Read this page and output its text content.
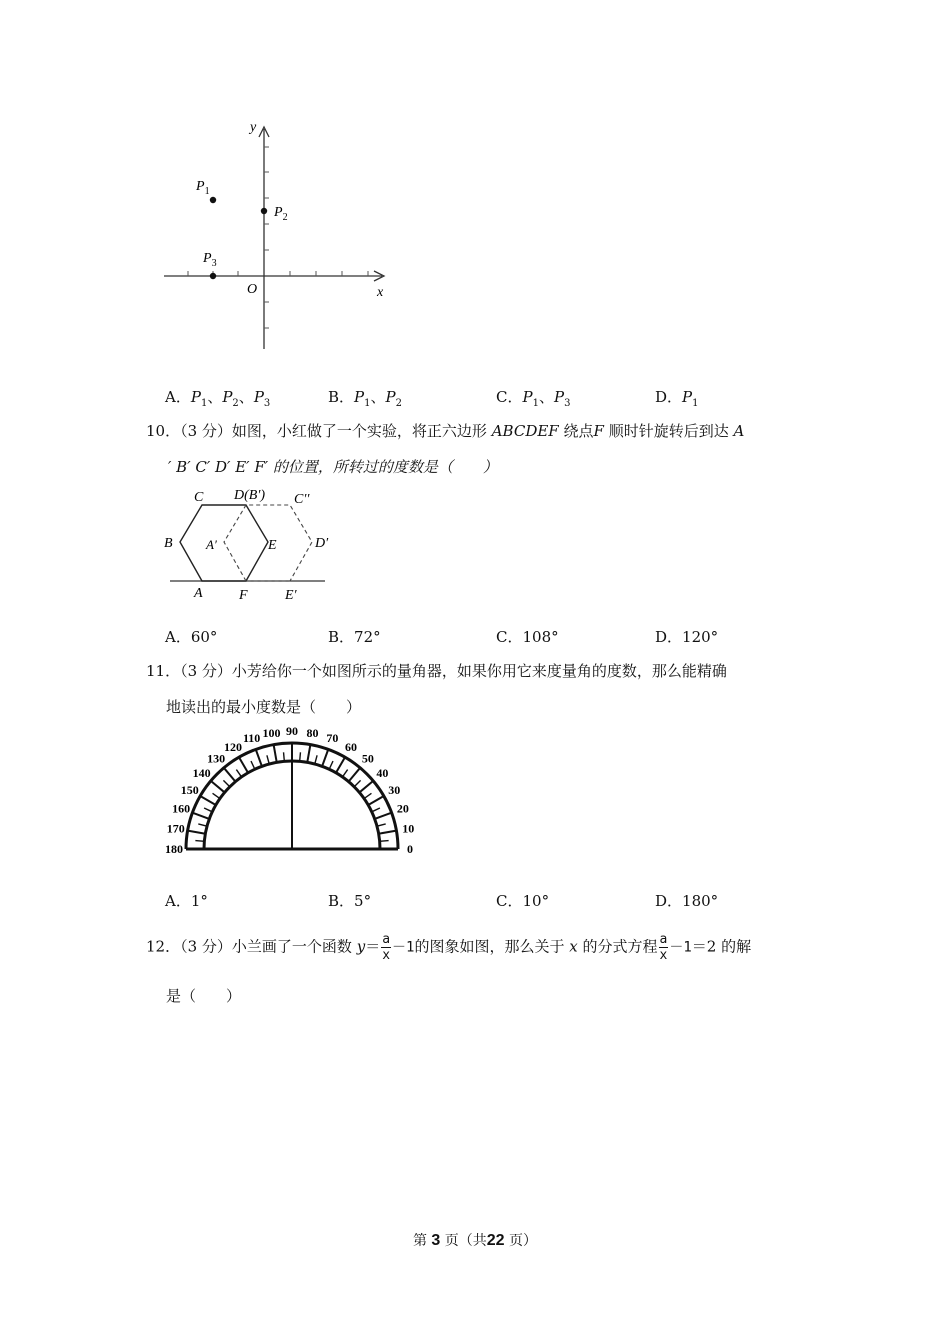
y
x
O
$P_1$
$P_2$
$P_3$
A．$P_1$、$P_2$、$P_3$	B．$P_1$、$P_2$	C．$P_1$、$P_3$	D．$P_1$
10．（3 分）如图，小红做了一个实验，将正六边形 ABCDEF 绕点F 顺时针旋转后到达 A
′ B′ C′ D′ E′ F′ 的位置，所转过的度数是（　　）
C D(B′) C′′
B	A′	E	D′
A	F	E′
A．60°	B．72°	C．108°	D．120°
11．（3 分）小芳给你一个如图所示的量角器，如果你用它来度量角的度数，那么能精确
地读出的最小度数是（　　）
0
10
20
30
40
50
60
70
80
90
100
110
120
130
140
150
160
170
180
A．1°	B．5°	C．10°	D．180°
12．（3 分）小兰画了一个函数 $y= \frac{a}{x} -1$的图象如图，那么关于 x 的分式方程 $\frac{a}{x} -1=2$ 的解
是（　　）
第 3 页（共22 页）
